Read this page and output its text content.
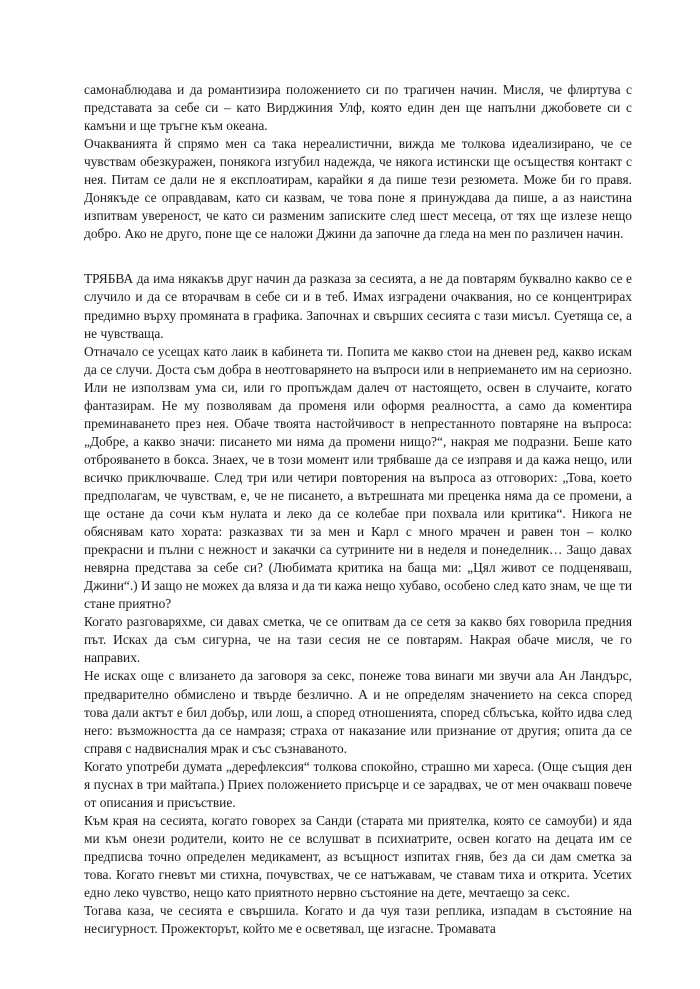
самонаблюдава и да романтизира положението си по трагичен начин. Мисля, че флиртува с представата за себе си – като Вирджиния Улф, която един ден ще напълни джобовете си с камъни и ще тръгне към океана.

Очакванията й спрямо мен са така нереалистични, виждa ме толкова идеализирано, че се чувствам обезкуражен, понякога изгубил надежда, че някога истински ще осъществя контакт с нея. Питам се дали не я експлоатирам, карайки я да пише тези резюмета. Може би го правя. Донякъде се оправдавам, като си казвам, че това поне я принуждава да пише, а аз наистина изпитвам увереност, че като си разменим записките след шест месеца, от тях ще излезе нещо добро. Ако не друго, поне ще се наложи Джини да започне да гледа на мен по различен начин.

ТРЯБВА да има някакъв друг начин да разказа за сесията, а не да повтарям буквално какво се е случило и да се вторачвам в себе си и в теб. Имах изградени очаквания, но се концентрирах предимно върху промяната в графика. Започнах и свърших сесията с тази мисъл. Суетяща се, а не чувстваща.

Отначало се усещах като лаик в кабинета ти. Попита ме какво стои на дневен ред, какво искам да се случи. Доста съм добра в неотговарянето на въпроси или в неприемането им на сериозно. Или не използвам ума си, или го пропъждам далеч от настоящето, освен в случаите, когато фантазирам. Не му позволявам да променя или оформя реалността, а само да коментира преминаването през нея. Обаче твоята настойчивост в непрестанното повтаряне на въпроса: „Добре, а какво значи: писането ми няма да промени нищо?“, накрая ме подразни. Беше като отброяването в бокса. Знаех, че в този момент или трябваше да се изправя и да кажа нещо, или всичко приключваше. След три или четири повторения на въпроса аз отговорих: „Това, което предполагам, че чувствам, е, че не писането, а вътрешната ми преценка няма да се промени, а ще остане да сочи към нулата и леко да се колебае при похвала или критика“. Никога не обяснявам като хората: разказвах ти за мен и Карл с много мрачен и равен тон – колко прекрасни и пълни с нежност и закачки са сутрините ни в неделя и понеделник… Защо давах невярна представа за себе си? (Любимата критика на баща ми: „Цял живот се подценяваш, Джини“.) И защо не можех да вляза и да ти кажа нещо хубаво, особено след като знам, че ще ти стане приятно?

Когато разговаряхме, си давах сметка, че се опитвам да се сетя за какво бях говорила предния път. Исках да съм сигурна, че на тази сесия не се повтарям. Накрая обаче мисля, че го направих.

Не исках още с влизането да заговоря за секс, понеже това винаги ми звучи ала Ан Ландърс, предварително обмислено и твърде безлично. А и не определям значението на секса според това дали актът е бил добър, или лош, а според отношенията, според сблъсъка, който идва след него: възможността да се намразя; страха от наказание или признание от другия; опита да се справя с надвисналия мрак и със съзнаваното.

Когато употреби думата „дерефлексия“ толкова спокойно, страшно ми хареса. (Още същия ден я пуснах в три майтапа.) Приех положението присърце и се зарадвах, че от мен очакваш повече от описания и присъствие.

Към края на сесията, когато говорех за Санди (старата ми приятелка, която се самоуби) и яда ми към онези родители, които не се вслушват в психиатрите, освен когато на децата им се предписва точно определен медикамент, аз всъщност изпитах гняв, без да си дам сметка за това. Когато гневът ми стихна, почувствах, че се натъжавам, че ставам тиха и открита. Усетих едно леко чувство, нещо като приятното нервно състояние на дете, мечтаещо за секс.

Тогава каза, че сесията е свършила. Когато и да чуя тази реплика, изпадам в състояние на несигурност. Прожекторът, който ме е осветявал, ще изгасне. Тромавата
